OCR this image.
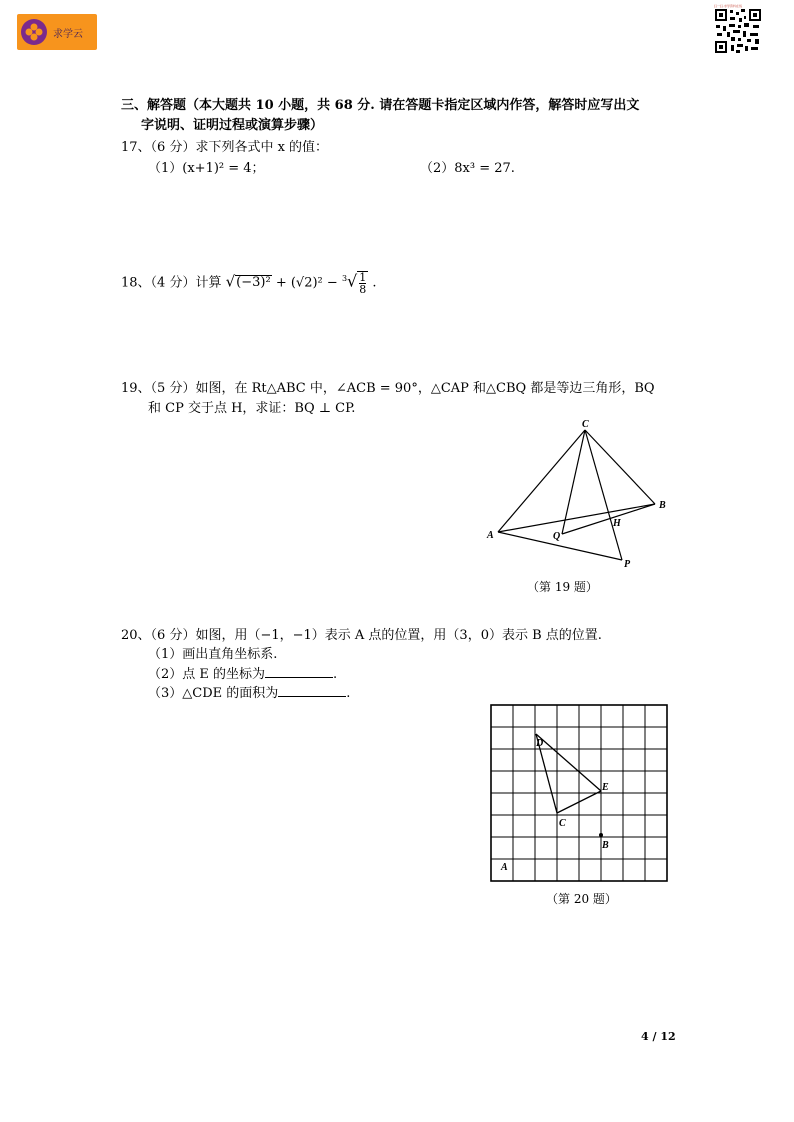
求学云
扫一扫·求学资料在线
三、解答题（本大题共 10 小题，共 68 分. 请在答题卡指定区域内作答，解答时应写出文
字说明、证明过程或演算步骤）
17、（6 分）求下列各式中 x 的值：
（1）(x+1)² = 4；	（2）8x³ = 27.
18、（4 分）计算 $√(-3)^2 + (√2)^2 - ^3√ \frac{1}{8}$ .
19、（5 分）如图，在 Rt△ABC 中，∠ACB = 90°，△CAP 和△CBQ 都是等边三角形，BQ
和 CP 交于点 H，求证：BQ ⊥ CP.
C
B
A	Q
H
P
（第 19 题）
20、（6 分）如图，用（−1，−1）表示 A 点的位置，用（3，0）表示 B 点的位置.
（1）画出直角坐标系.
（2）点 E 的坐标为	.
（3）△CDE 的面积为	.
D
E
C
B
A
（第 20 题）
4 / 12
